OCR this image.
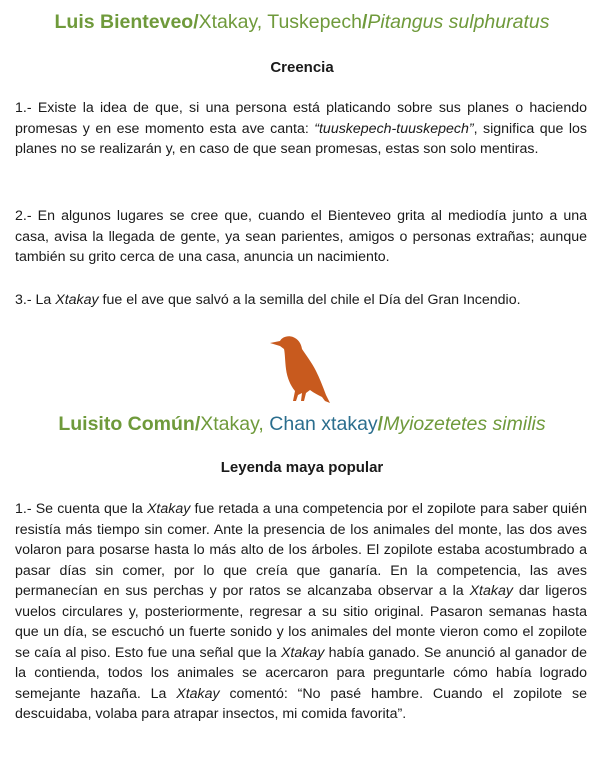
Luis Bienteveo/Xtakay, Tuskepech/Pitangus sulphuratus
Creencia
1.- Existe la idea de que, si una persona está platicando sobre sus planes o haciendo promesas y en ese momento esta ave canta: “tuuskepech-tuuskepech”, significa que los planes no se realizarán y, en caso de que sean promesas, estas son solo mentiras.
2.- En algunos lugares se cree que, cuando el Bienteveo grita al mediodía junto a una casa, avisa la llegada de gente, ya sean parientes, amigos o personas extrañas; aunque también su grito cerca de una casa, anuncia un nacimiento.
3.- La Xtakay fue el ave que salvó a la semilla del chile el Día del Gran Incendio.
Luisito Común/Xtakay, Chan xtakay/Myiozetetes similis
Leyenda maya popular
1.- Se cuenta que la Xtakay fue retada a una competencia por el zopilote para saber quién resistía más tiempo sin comer. Ante la presencia de los animales del monte, las dos aves volaron para posarse hasta lo más alto de los árboles. El zopilote estaba acostumbrado a pasar días sin comer, por lo que creía que ganaría. En la competencia, las aves permanecían en sus perchas y por ratos se alcanzaba observar a la Xtakay dar ligeros vuelos circulares y, posteriormente, regresar a su sitio original. Pasaron semanas hasta que un día, se escuchó un fuerte sonido y los animales del monte vieron como el zopilote se caía al piso. Esto fue una señal que la Xtakay había ganado. Se anunció al ganador de la contienda, todos los animales se acercaron para preguntarle cómo había logrado semejante hazaña. La Xtakay comentó: “No pasé hambre. Cuando el zopilote se descuidaba, volaba para atrapar insectos, mi comida favorita”.
